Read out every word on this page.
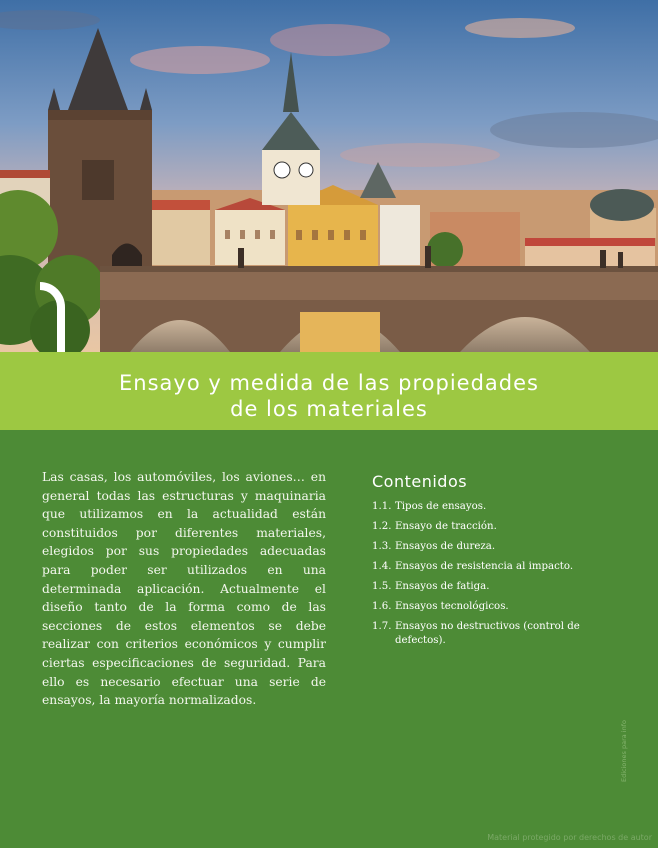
Ensayo y medida de las propiedades
de los materiales

Las casas, los automóviles, los aviones… en general todas las estructuras y maquinaria que utilizamos en la actualidad están constituidos por diferentes materiales, elegidos por sus propiedades adecuadas para poder ser utilizados en una determinada aplicación. Actualmente el diseño tanto de la forma como de las secciones de estos elementos se debe realizar con criterios económicos y cumplir ciertas especificaciones de seguridad. Para ello es necesario efectuar una serie de ensayos, la mayoría normalizados.

Contenidos
1.1. Tipos de ensayos.
1.2. Ensayo de tracción.
1.3. Ensayos de dureza.
1.4. Ensayos de resistencia al impacto.
1.5. Ensayos de fatiga.
1.6. Ensayos tecnológicos.
1.7. Ensayos no destructivos (control de defectos).
Ediciones para info
Material protegido por derechos de autor
